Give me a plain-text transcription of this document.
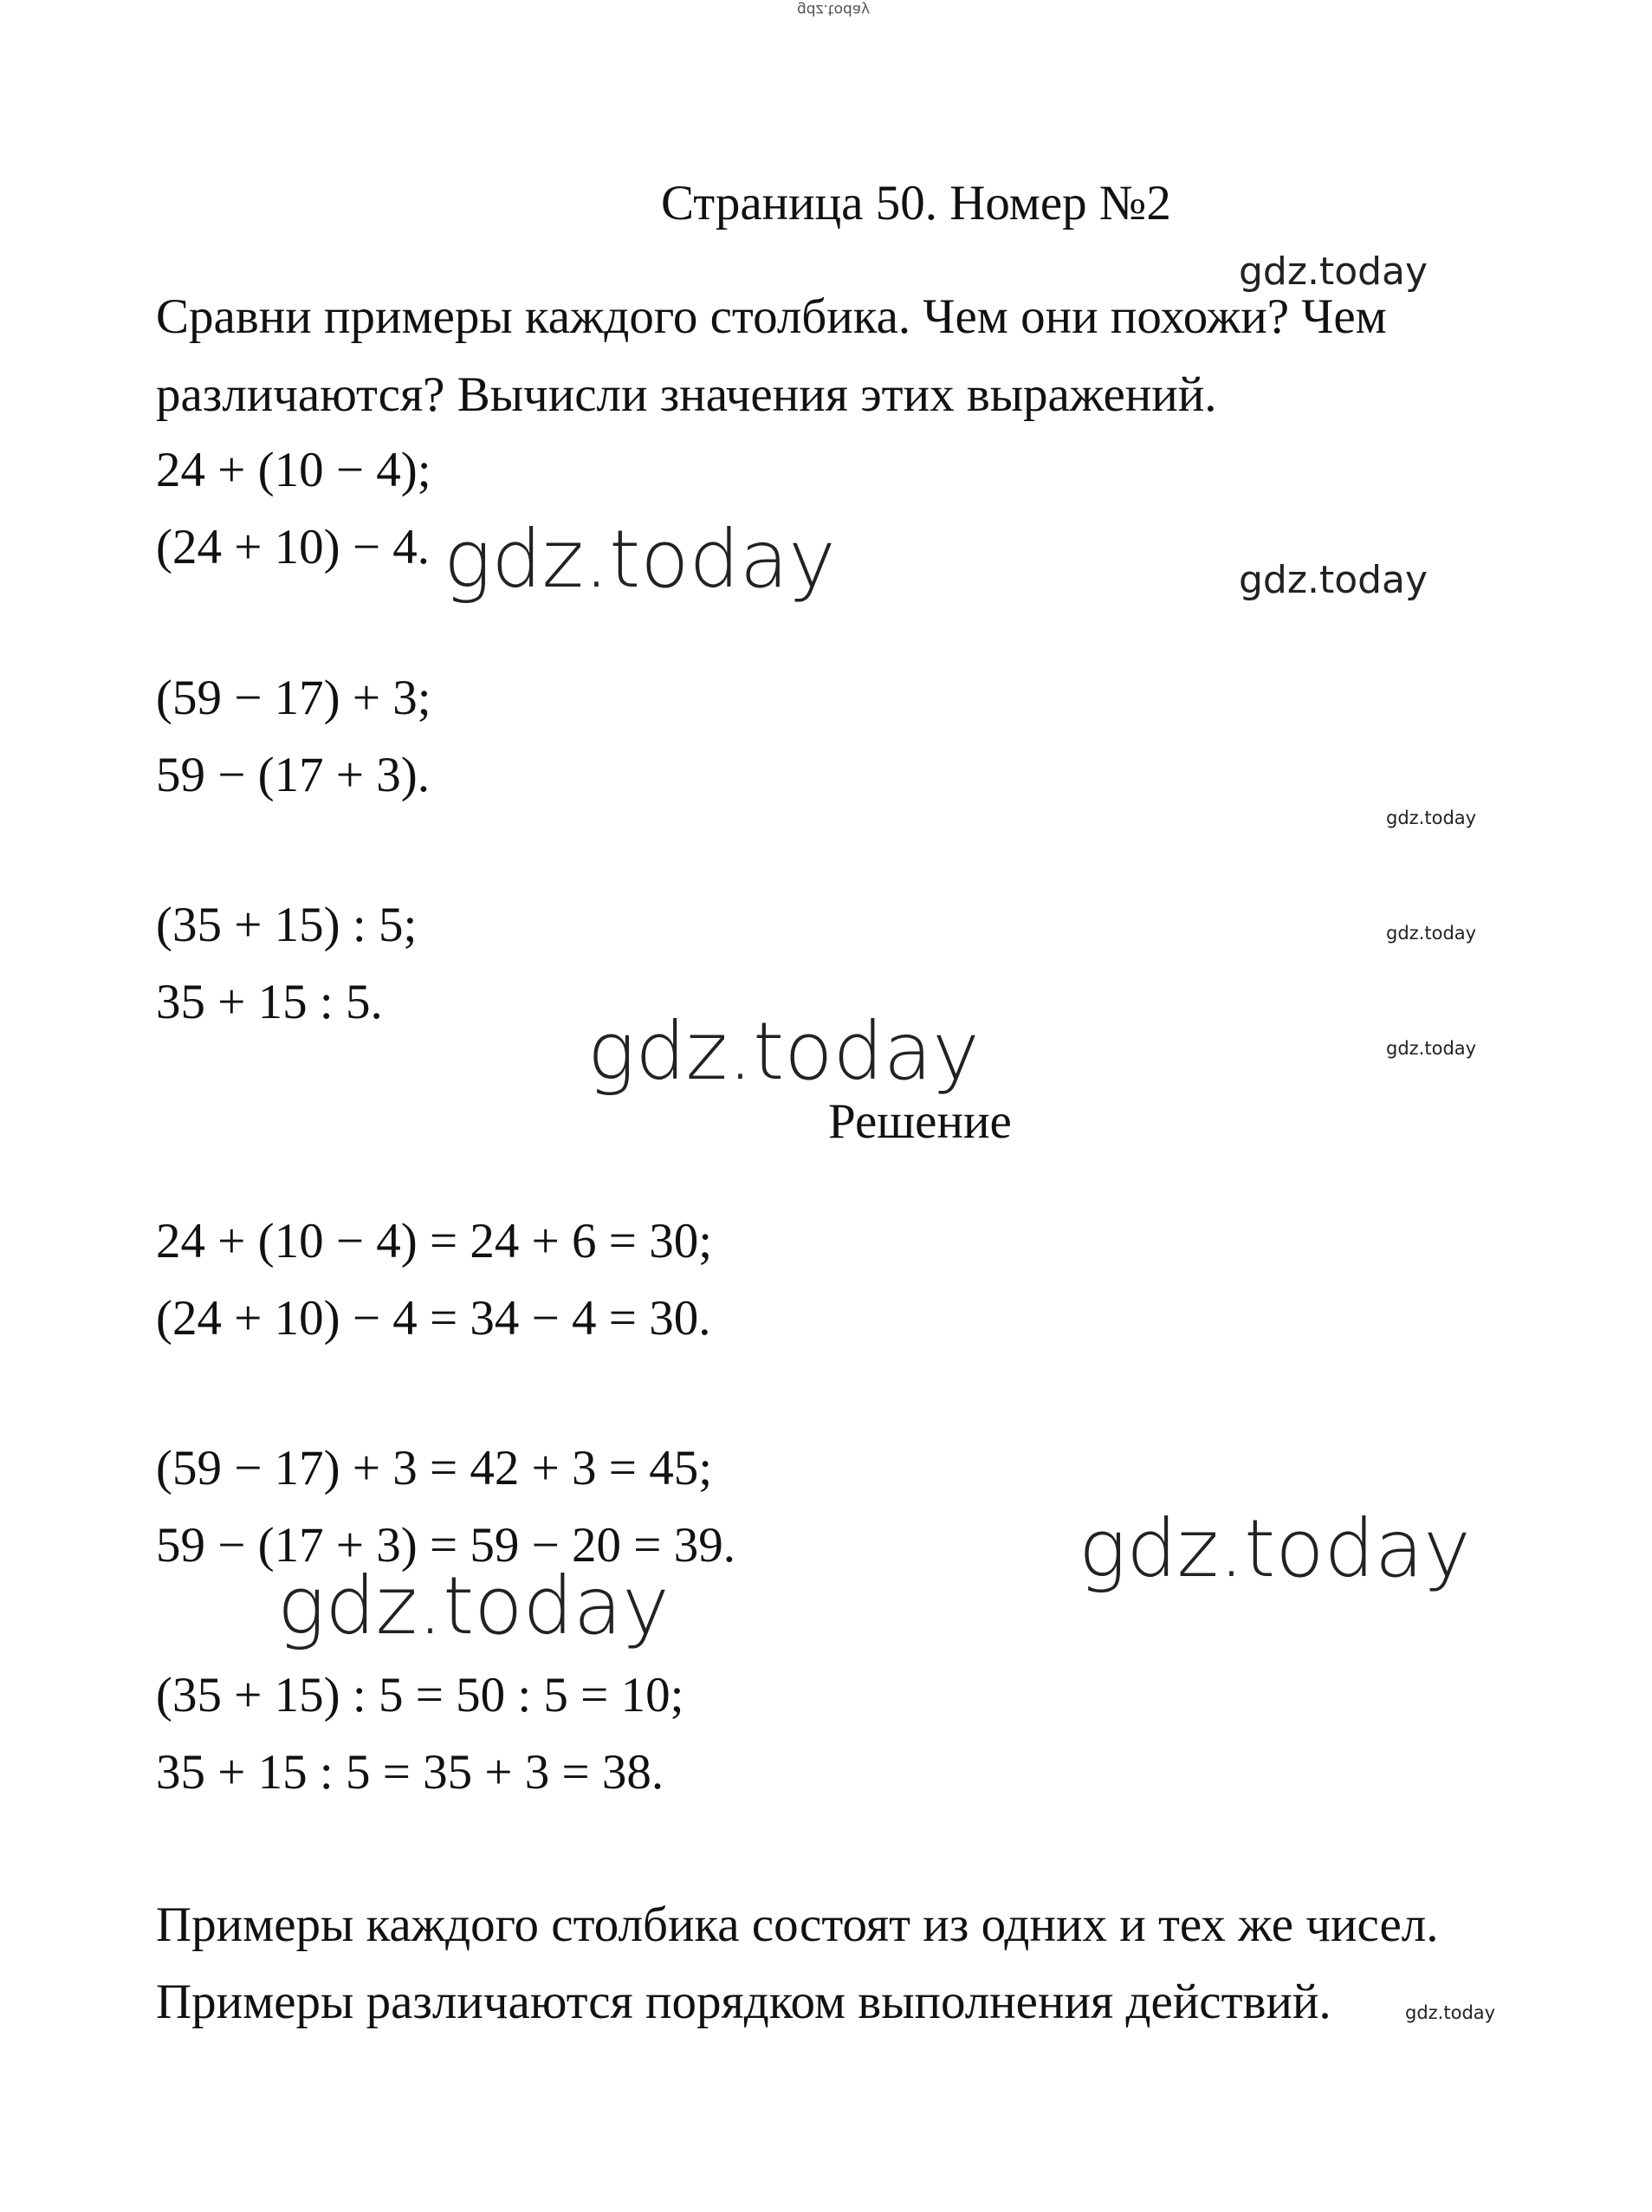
gdz.today
Страница 50. Номер №2
gdz.today
Сравни примеры каждого столбика. Чем они похожи? Чем
различаются? Вычисли значения этих выражений.
24 + (10 − 4);
(24 + 10) − 4. gdz.today	gdz.today
(59 − 17) + 3;
59 − (17 + 3).
gdz.today
(35 + 15) : 5;
35 + 15 : 5.
gdz.today
gdz.today
gdz.today
Решение
24 + (10 − 4) = 24 + 6 = 30;
(24 + 10) − 4 = 34 − 4 = 30.
(59 − 17) + 3 = 42 + 3 = 45;
59 − (17 + 3) = 59 − 20 = 39.	gdz.today
gdz.today
(35 + 15) : 5 = 50 : 5 = 10;
35 + 15 : 5 = 35 + 3 = 38.
Примеры каждого столбика состоят из одних и тех же чисел.
Примеры различаются порядком выполнения действий.	gdz.today
